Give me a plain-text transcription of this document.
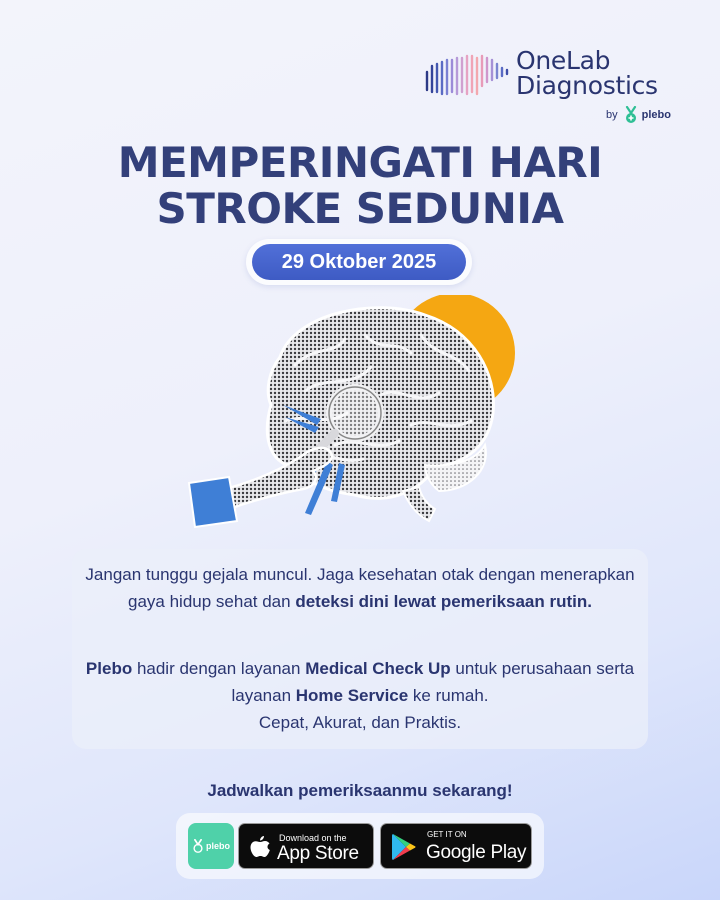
OneLab
Diagnostics
by plebo
MEMPERINGATI HARI
STROKE SEDUNIA
29 Oktober 2025

Jangan tunggu gejala muncul. Jaga kesehatan otak dengan menerapkan gaya hidup sehat dan deteksi dini lewat pemeriksaan rutin.

Plebo hadir dengan layanan Medical Check Up untuk perusahaan serta layanan Home Service ke rumah.
Cepat, Akurat, dan Praktis.

Jadwalkan pemeriksaanmu sekarang!
plebo
Download on the
App Store
GET IT ON
Google Play
